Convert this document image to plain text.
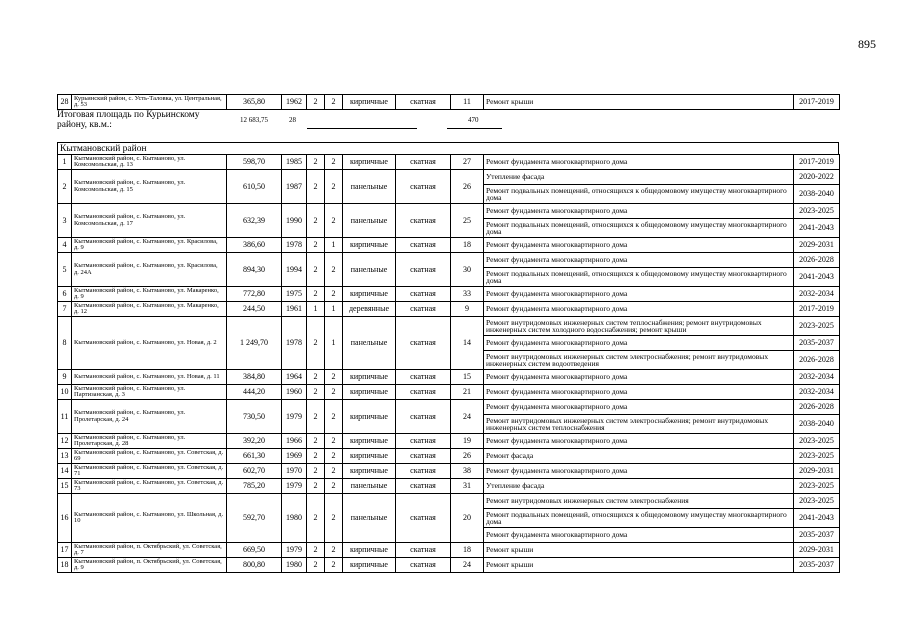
895
28	Курьинский район, с. Усть-Таловка, ул. Центральная, д. 53	365,80	1962	2	2	кирпичные	скатная	11	Ремонт крыши	2017-2019
Итоговая площадь по Курьинскому району, кв.м.:	12 683,75	28	470
Кытмановский район
1	Кытмановский район, с. Кытманово, ул. Комсомольская, д. 13	598,70	1985	2	2	кирпичные	скатная	27	Ремонт фундамента многоквартирного дома	2017-2019
2	Кытмановский район, с. Кытманово, ул. Комсомольская, д. 15	610,50	1987	2	2	панельные	скатная	26	Утепление фасада	2020-2022
									Ремонт подвальных помещений, относящихся к общедомовому имуществу многоквартирного дома	2038-2040
3	Кытмановский район, с. Кытманово, ул. Комсомольская, д. 17	632,39	1990	2	2	панельные	скатная	25	Ремонт фундамента многоквартирного дома	2023-2025
									Ремонт подвальных помещений, относящихся к общедомовому имуществу многоквартирного дома	2041-2043
4	Кытмановский район, с. Кытманово, ул. Красилова, д. 9	386,60	1978	2	1	кирпичные	скатная	18	Ремонт фундамента многоквартирного дома	2029-2031
5	Кытмановский район, с. Кытманово, ул. Красилова, д. 24А	894,30	1994	2	2	панельные	скатная	30	Ремонт фундамента многоквартирного дома	2026-2028
									Ремонт подвальных помещений, относящихся к общедомовому имуществу многоквартирного дома	2041-2043
6	Кытмановский район, с. Кытманово, ул. Макаренко, д. 9	772,80	1975	2	2	кирпичные	скатная	33	Ремонт фундамента многоквартирного дома	2032-2034
7	Кытмановский район, с. Кытманово, ул. Макаренко, д. 12	244,50	1961	1	1	деревянные	скатная	9	Ремонт фундамента многоквартирного дома	2017-2019
8	Кытмановский район, с. Кытманово, ул. Новая, д. 2	1 249,70	1978	2	1	панельные	скатная	14	Ремонт внутридомовых инженерных систем теплоснабжения; ремонт внутридомовых инженерных систем холодного водоснабжения; ремонт крыши	2023-2025
									Ремонт фундамента многоквартирного дома	2035-2037
									Ремонт внутридомовых инженерных систем электроснабжения; ремонт внутридомовых инженерных систем водоотведения	2026-2028
9	Кытмановский район, с. Кытманово, ул. Новая, д. 11	384,80	1964	2	2	кирпичные	скатная	15	Ремонт фундамента многоквартирного дома	2032-2034
10	Кытмановский район, с. Кытманово, ул. Партизанская, д. 3	444,20	1960	2	2	кирпичные	скатная	21	Ремонт фундамента многоквартирного дома	2032-2034
11	Кытмановский район, с. Кытманово, ул. Пролетарская, д. 24	730,50	1979	2	2	кирпичные	скатная	24	Ремонт фундамента многоквартирного дома	2026-2028
									Ремонт внутридомовых инженерных систем электроснабжения; ремонт внутридомовых инженерных систем теплоснабжения	2038-2040
12	Кытмановский район, с. Кытманово, ул. Пролетарская, д. 28	392,20	1966	2	2	кирпичные	скатная	19	Ремонт фундамента многоквартирного дома	2023-2025
13	Кытмановский район, с. Кытманово, ул. Советская, д. 69	661,30	1969	2	2	кирпичные	скатная	26	Ремонт фасада	2023-2025
14	Кытмановский район, с. Кытманово, ул. Советская, д. 71	602,70	1970	2	2	кирпичные	скатная	38	Ремонт фундамента многоквартирного дома	2029-2031
15	Кытмановский район, с. Кытманово, ул. Советская, д. 73	785,20	1979	2	2	панельные	скатная	31	Утепление фасада	2023-2025
16	Кытмановский район, с. Кытманово, ул. Школьная, д. 10	592,70	1980	2	2	панельные	скатная	20	Ремонт внутридомовых инженерных систем электроснабжения	2023-2025
									Ремонт подвальных помещений, относящихся к общедомовому имуществу многоквартирного дома	2041-2043
									Ремонт фундамента многоквартирного дома	2035-2037
17	Кытмановский район, п. Октябрьский, ул. Советская, д. 7	669,50	1979	2	2	кирпичные	скатная	18	Ремонт крыши	2029-2031
18	Кытмановский район, п. Октябрьский, ул. Советская, д. 9	800,80	1980	2	2	кирпичные	скатная	24	Ремонт крыши	2035-2037
